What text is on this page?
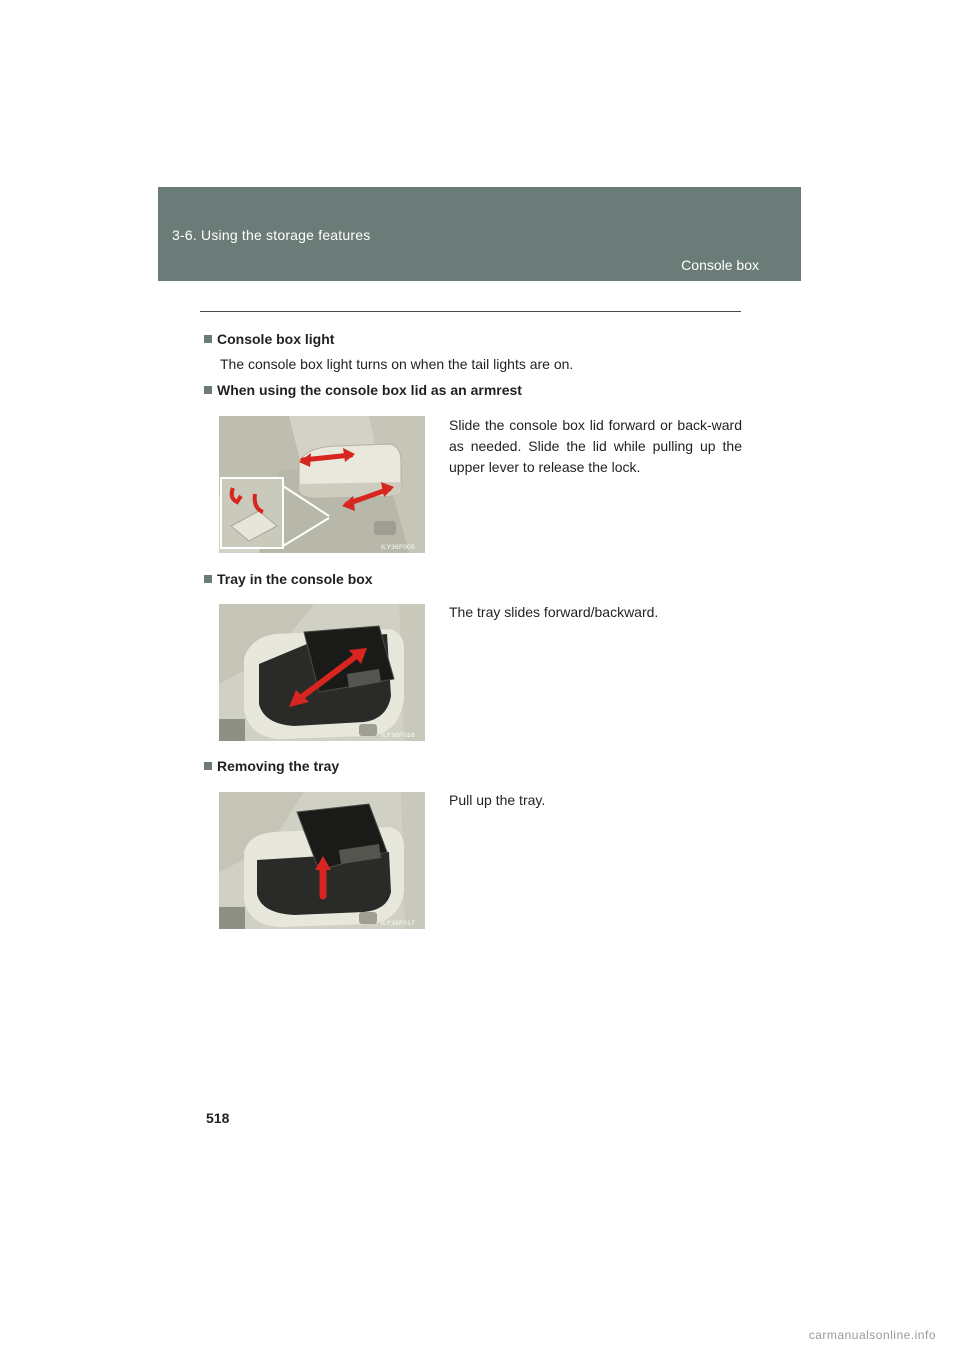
3-6. Using the storage features
Console box
Console box light
The console box light turns on when the tail lights are on.
When using the console box lid as an armrest
ILY36F005
Slide the console box lid forward or back-ward as needed. Slide the lid while pulling up the upper lever to release the lock.
Tray in the console box
ILY36F016
The tray slides forward/backward.
Removing the tray
ILY36F017
Pull up the tray.
518
carmanualsonline.info
